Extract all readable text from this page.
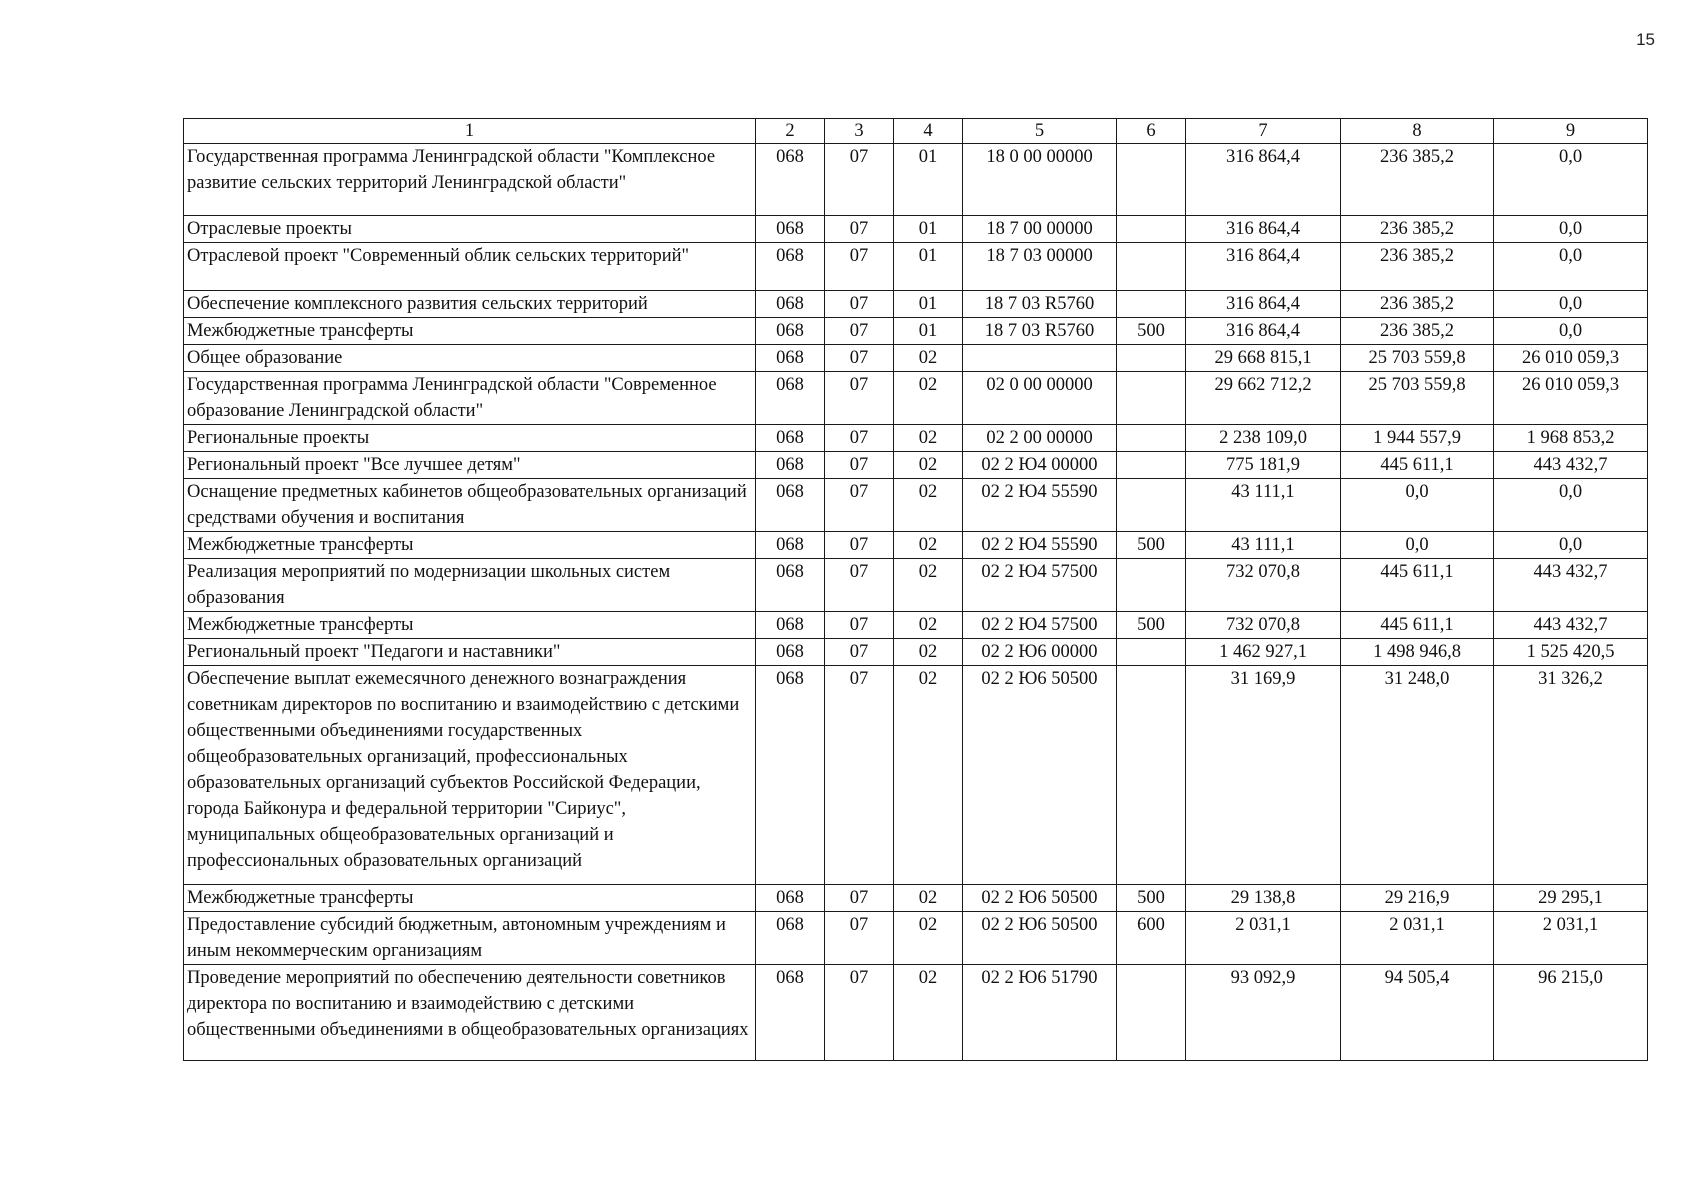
15
1	2	3	4	5	6	7	8	9
Государственная программа Ленинградской области "Комплексное развитие сельских территорий Ленинградской области"	068	07	01	18 0 00 00000		316 864,4	236 385,2	0,0
Отраслевые проекты	068	07	01	18 7 00 00000		316 864,4	236 385,2	0,0
Отраслевой проект "Современный облик сельских территорий"	068	07	01	18 7 03 00000		316 864,4	236 385,2	0,0
Обеспечение комплексного развития сельских территорий	068	07	01	18 7 03 R5760		316 864,4	236 385,2	0,0
Межбюджетные трансферты	068	07	01	18 7 03 R5760	500	316 864,4	236 385,2	0,0
Общее образование	068	07	02			29 668 815,1	25 703 559,8	26 010 059,3
Государственная программа Ленинградской области "Современное образование Ленинградской области"	068	07	02	02 0 00 00000		29 662 712,2	25 703 559,8	26 010 059,3
Региональные проекты	068	07	02	02 2 00 00000		2 238 109,0	1 944 557,9	1 968 853,2
Региональный проект "Все лучшее детям"	068	07	02	02 2 Ю4 00000		775 181,9	445 611,1	443 432,7
Оснащение предметных кабинетов общеобразовательных организаций средствами обучения и воспитания	068	07	02	02 2 Ю4 55590		43 111,1	0,0	0,0
Межбюджетные трансферты	068	07	02	02 2 Ю4 55590	500	43 111,1	0,0	0,0
Реализация мероприятий по модернизации школьных систем образования	068	07	02	02 2 Ю4 57500		732 070,8	445 611,1	443 432,7
Межбюджетные трансферты	068	07	02	02 2 Ю4 57500	500	732 070,8	445 611,1	443 432,7
Региональный проект "Педагоги и наставники"	068	07	02	02 2 Ю6 00000		1 462 927,1	1 498 946,8	1 525 420,5
Обеспечение выплат ежемесячного денежного вознаграждения советникам директоров по воспитанию и взаимодействию с детскими общественными объединениями государственных общеобразовательных организаций, профессиональных образовательных организаций субъектов Российской Федерации, города Байконура и федеральной территории "Сириус", муниципальных общеобразовательных организаций и профессиональных образовательных организаций	068	07	02	02 2 Ю6 50500		31 169,9	31 248,0	31 326,2
Межбюджетные трансферты	068	07	02	02 2 Ю6 50500	500	29 138,8	29 216,9	29 295,1
Предоставление субсидий бюджетным, автономным учреждениям и иным некоммерческим организациям	068	07	02	02 2 Ю6 50500	600	2 031,1	2 031,1	2 031,1
Проведение мероприятий по обеспечению деятельности советников директора по воспитанию и взаимодействию с детскими общественными объединениями в общеобразовательных организациях	068	07	02	02 2 Ю6 51790		93 092,9	94 505,4	96 215,0
